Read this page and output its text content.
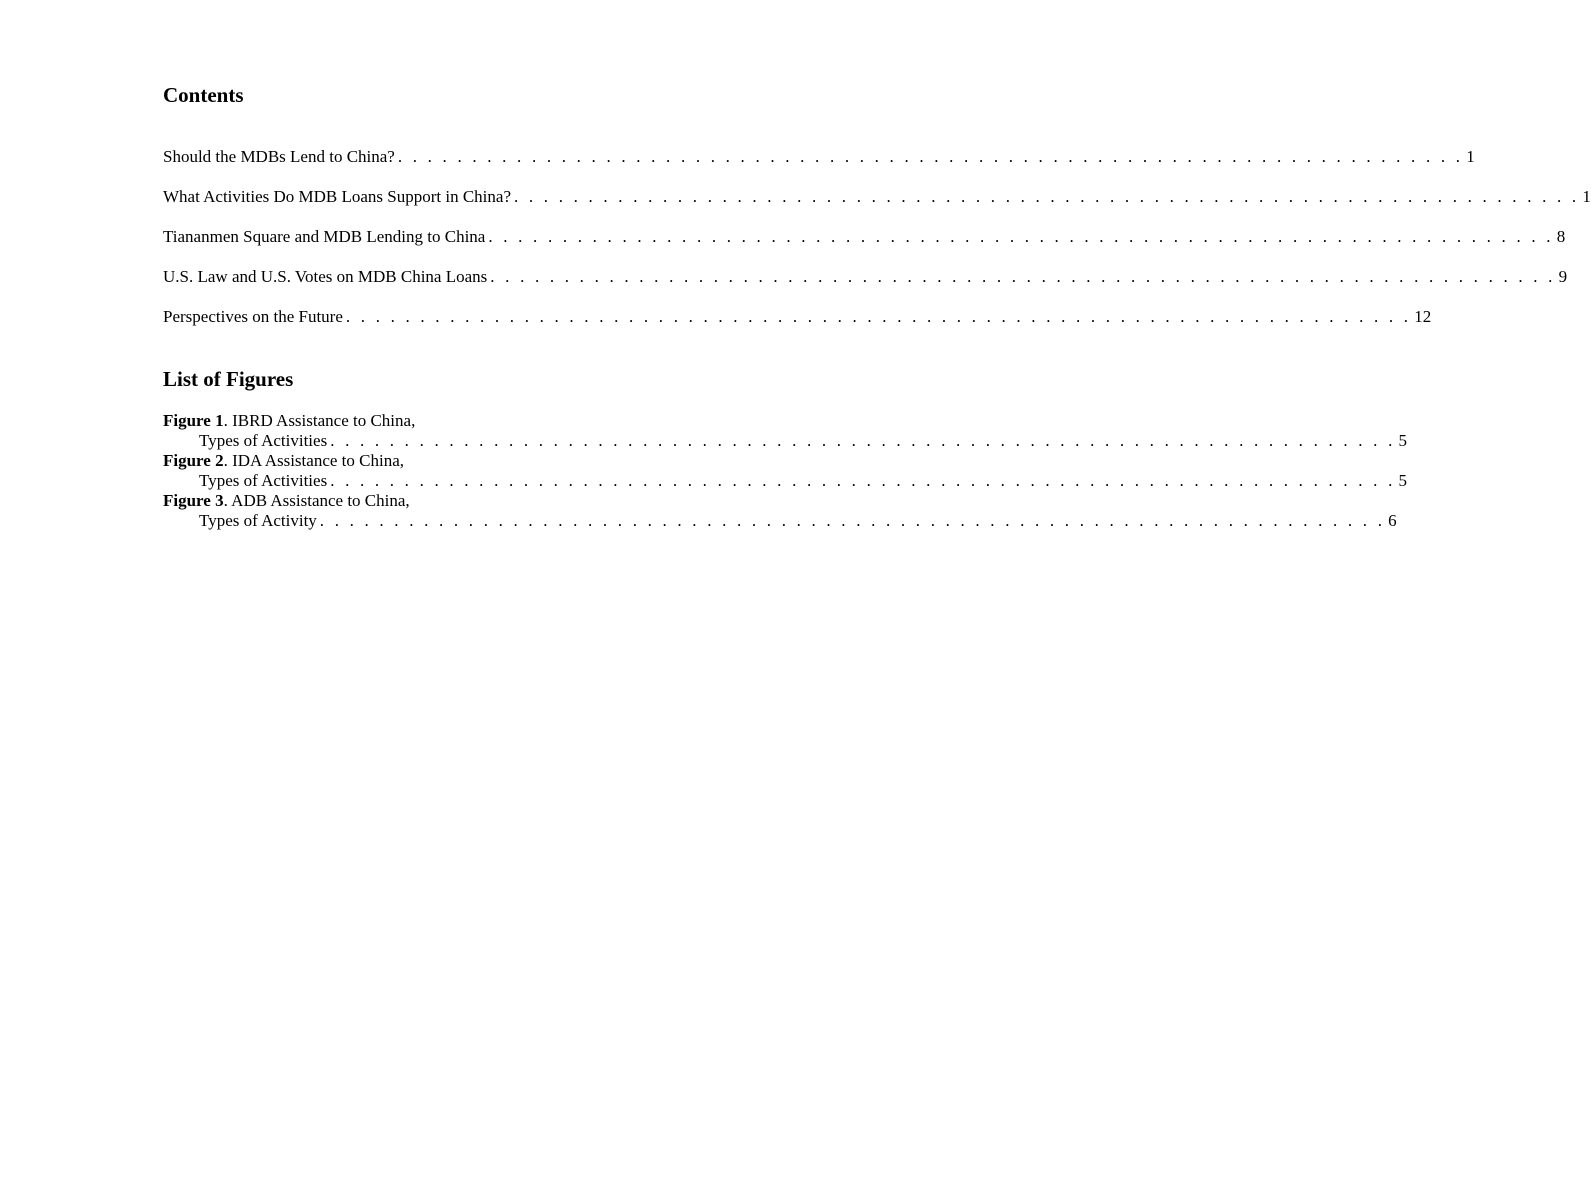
Contents
Should the MDBs Lend to China? . . . . . . . . . . . . . . . . . . . . . . . . . . . . . . . . . . . . . . . . . . . . . . . . . . . . . . . . . . . . . . . . . . . . . . . . 1
What Activities Do MDB Loans Support in China? . . . . . . . . . . . . . . . . . . . . . . . . . . . . . . . . . . . . . . . . . . . . . . . . . . . . . . . . . . . . . . . . . . . . . . . . 1
Tiananmen Square and MDB Lending to China . . . . . . . . . . . . . . . . . . . . . . . . . . . . . . . . . . . . . . . . . . . . . . . . . . . . . . . . . . . . . . . . . . . . . . . . 8
U.S. Law and U.S. Votes on MDB China Loans . . . . . . . . . . . . . . . . . . . . . . . . . . . . . . . . . . . . . . . . . . . . . . . . . . . . . . . . . . . . . . . . . . . . . . . . 9
Perspectives on the Future . . . . . . . . . . . . . . . . . . . . . . . . . . . . . . . . . . . . . . . . . . . . . . . . . . . . . . . . . . . . . . . . . . . . . . . . 12
List of Figures
Figure 1. IBRD Assistance to China,
Types of Activities . . . . . . . . . . . . . . . . . . . . . . . . . . . . . . . . . . . . . . . . . . . . . . . . . . . . . . . . . . . . . . . . . . . . . . . . 5
Figure 2. IDA Assistance to China,
Types of Activities . . . . . . . . . . . . . . . . . . . . . . . . . . . . . . . . . . . . . . . . . . . . . . . . . . . . . . . . . . . . . . . . . . . . . . . . 5
Figure 3. ADB Assistance to China,
Types of Activity . . . . . . . . . . . . . . . . . . . . . . . . . . . . . . . . . . . . . . . . . . . . . . . . . . . . . . . . . . . . . . . . . . . . . . . . 6
